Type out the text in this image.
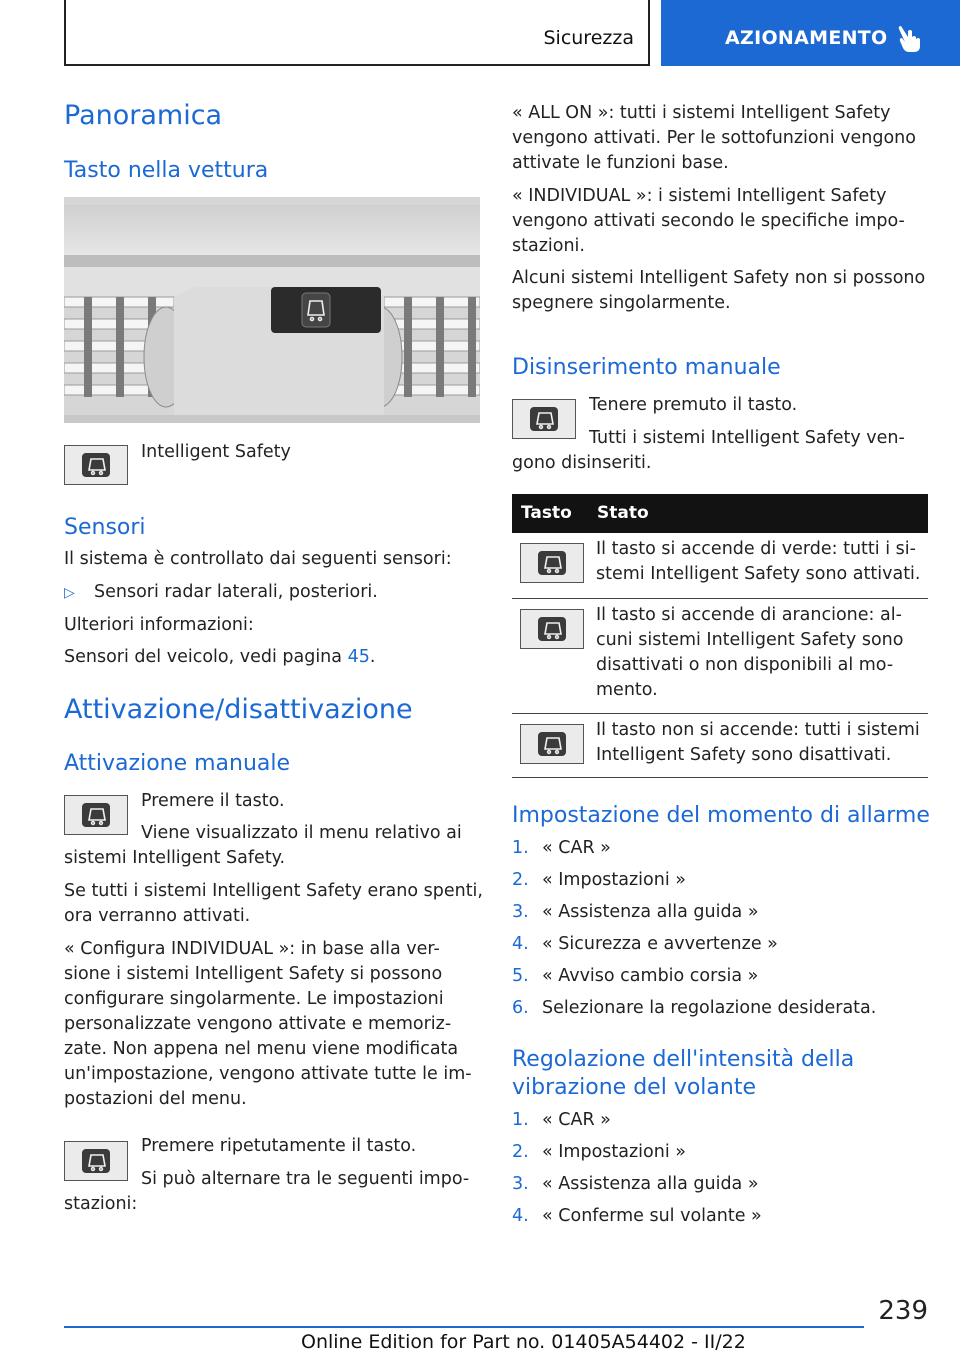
Sicurezza	AZIONAMENTO
Panoramica
Tasto nella vettura
Intelligent Safety
Sensori
Il sistema è controllato dai seguenti sensori:
▷ Sensori radar laterali, posteriori.
Ulteriori informazioni:
Sensori del veicolo, vedi pagina 45.
Attivazione/disattivazione
Attivazione manuale
Premere il tasto.
Viene visualizzato il menu relativo ai
sistemi Intelligent Safety.
Se tutti i sistemi Intelligent Safety erano spenti,
ora verranno attivati.
« Configura INDIVIDUAL »: in base alla ver-
sione i sistemi Intelligent Safety si possono
configurare singolarmente. Le impostazioni
personalizzate vengono attivate e memoriz-
zate. Non appena nel menu viene modificata
un'impostazione, vengono attivate tutte le im-
postazioni del menu.
Premere ripetutamente il tasto.
Si può alternare tra le seguenti impo-
stazioni:
« ALL ON »: tutti i sistemi Intelligent Safety
vengono attivati. Per le sottofunzioni vengono
attivate le funzioni base.
« INDIVIDUAL »: i sistemi Intelligent Safety
vengono attivati secondo le specifiche impo-
stazioni.
Alcuni sistemi Intelligent Safety non si possono
spegnere singolarmente.
Disinserimento manuale
Tenere premuto il tasto.
Tutti i sistemi Intelligent Safety ven-
gono disinseriti.
Tasto Stato
Il tasto si accende di verde: tutti i si-
stemi Intelligent Safety sono attivati.
Il tasto si accende di arancione: al-
cuni sistemi Intelligent Safety sono
disattivati o non disponibili al mo-
mento.
Il tasto non si accende: tutti i sistemi
Intelligent Safety sono disattivati.
Impostazione del momento di allarme
1. « CAR »
2. « Impostazioni »
3. « Assistenza alla guida »
4. « Sicurezza e avvertenze »
5. « Avviso cambio corsia »
6. Selezionare la regolazione desiderata.
Regolazione dell'intensità della
vibrazione del volante
1. « CAR »
2. « Impostazioni »
3. « Assistenza alla guida »
4. « Conferme sul volante »
239
Online Edition for Part no. 01405A54402 - II/22
